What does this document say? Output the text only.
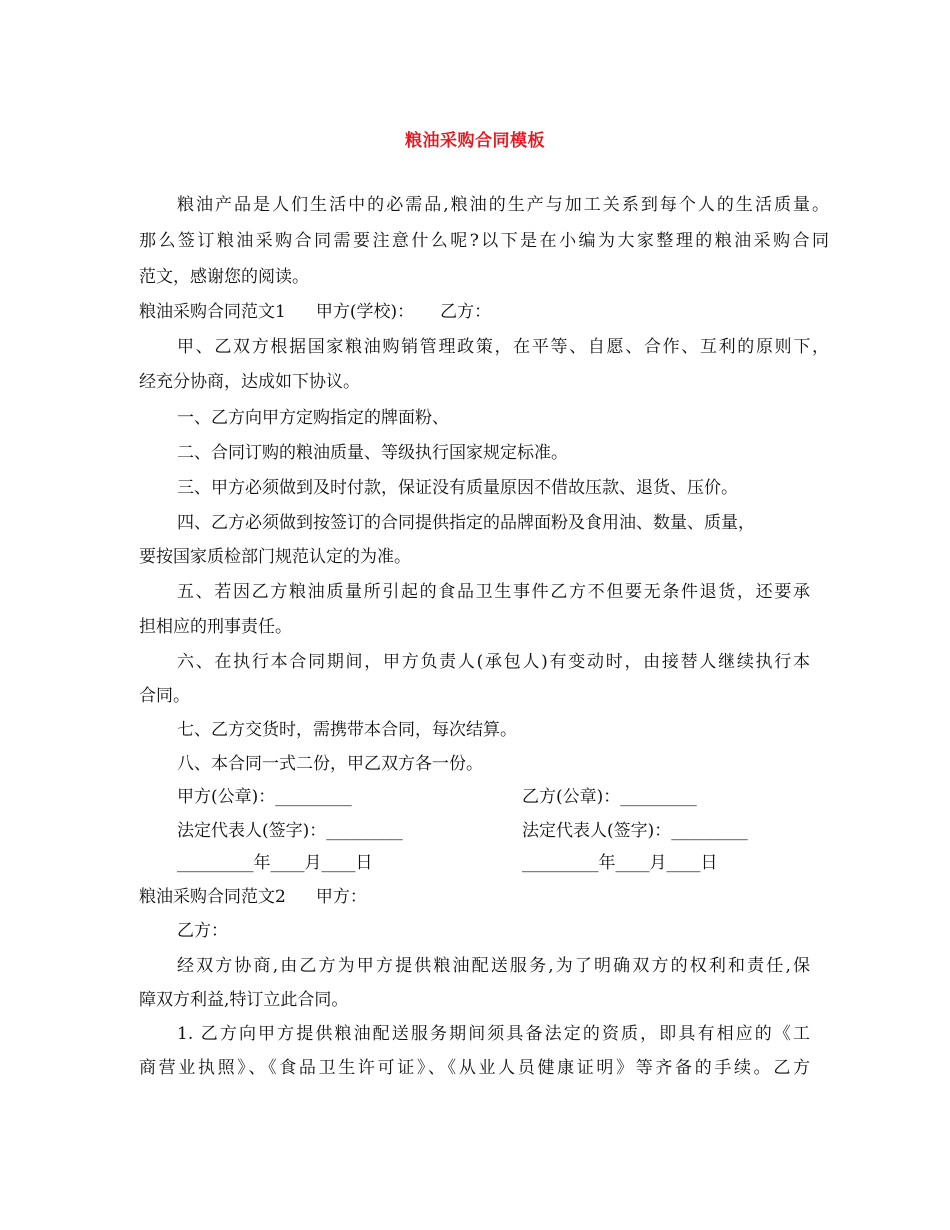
粮油采购合同模板
粮油产品是人们生活中的必需品,粮油的生产与加工关系到每个人的生活质量。
那么签订粮油采购合同需要注意什么呢?以下是在小编为大家整理的粮油采购合同
范文，感谢您的阅读。
粮油采购合同范文1 甲方(学校)： 乙方：
甲、乙双方根据国家粮油购销管理政策，在平等、自愿、合作、互利的原则下，
经充分协商，达成如下协议。
一、乙方向甲方定购指定的牌面粉、
二、合同订购的粮油质量、等级执行国家规定标准。
三、甲方必须做到及时付款，保证没有质量原因不借故压款、退货、压价。
四、乙方必须做到按签订的合同提供指定的品牌面粉及食用油、数量、质量，
要按国家质检部门规范认定的为准。
五、若因乙方粮油质量所引起的食品卫生事件乙方不但要无条件退货，还要承
担相应的刑事责任。
六、在执行本合同期间，甲方负责人(承包人)有变动时，由接替人继续执行本
合同。
七、乙方交货时，需携带本合同，每次结算。
八、本合同一式二份，甲乙双方各一份。
甲方(公章)：_________	乙方(公章)：_________
法定代表人(签字)：_________	法定代表人(签字)：_________
_________年____月____日	_________年____月____日
粮油采购合同范文2 甲方：
乙方：
经双方协商,由乙方为甲方提供粮油配送服务,为了明确双方的权利和责任,保
障双方利益,特订立此合同。
1. 乙方向甲方提供粮油配送服务期间须具备法定的资质，即具有相应的《工
商营业执照》、《食品卫生许可证》、《从业人员健康证明》等齐备的手续。乙方
